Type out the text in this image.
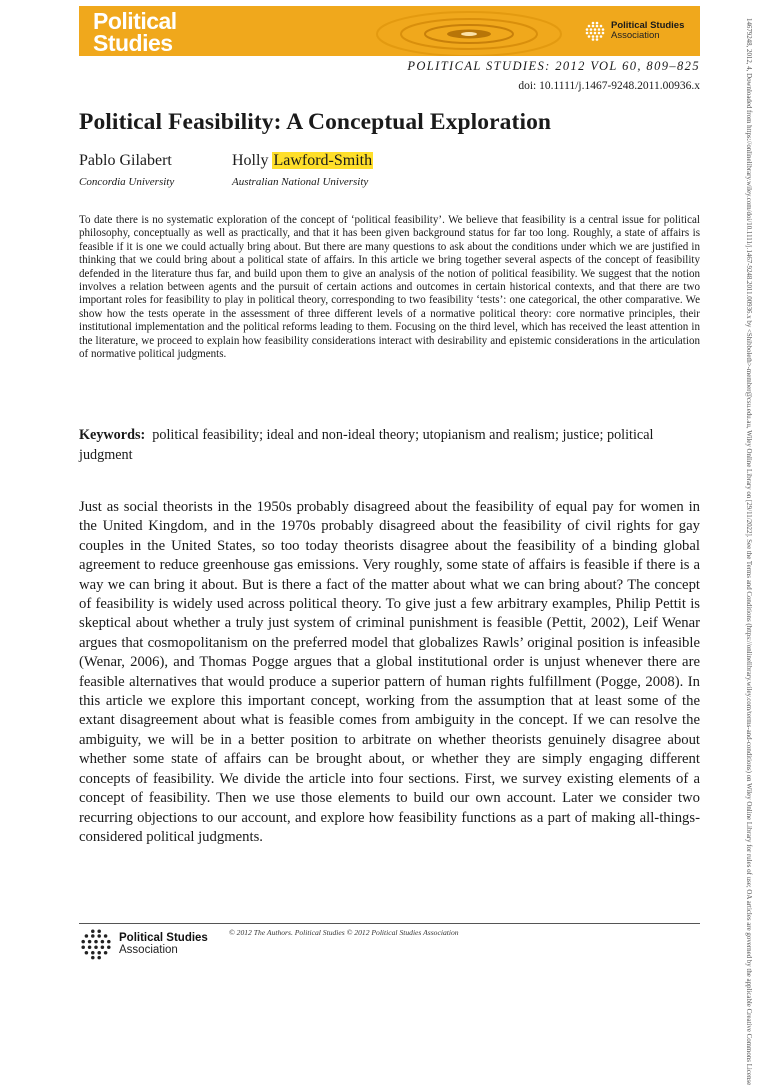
Political
Studies
Political Studies
Association
POLITICAL STUDIES: 2012 VOL 60, 809–825
doi: 10.1111/j.1467-9248.2011.00936.x
Political Feasibility: A Conceptual Exploration
Pablo Gilabert
Concordia University
Holly Lawford-Smith
Australian National University

To date there is no systematic exploration of the concept of ‘political feasibility’. We believe that feasibility is a central issue for political philosophy, conceptually as well as practically, and that it has been given background status for far too long. Roughly, a state of affairs is feasible if it is one we could actually bring about. But there are many questions to ask about the conditions under which we are justified in thinking that we could bring about a political state of affairs. In this article we bring together several aspects of the concept of feasibility defended in the literature thus far, and build upon them to give an analysis of the notion of political feasibility. We suggest that the notion involves a relation between agents and the pursuit of certain actions and outcomes in certain historical contexts, and that there are two important roles for feasibility to play in political theory, corresponding to two feasibility ‘tests’: one categorical, the other comparative. We show how the tests operate in the assessment of three different levels of a normative political theory: core normative principles, their institutional implementation and the political reforms leading to them. Focusing on the third level, which has received the least attention in the literature, we proceed to explain how feasibility considerations interact with desirability and epistemic considerations in the articulation of normative political judgments.

Keywords: political feasibility; ideal and non-ideal theory; utopianism and realism; justice; political judgment

Just as social theorists in the 1950s probably disagreed about the feasibility of equal pay for women in the United Kingdom, and in the 1970s probably disagreed about the feasibility of civil rights for gay couples in the United States, so too today theorists disagree about the feasibility of a binding global agreement to reduce greenhouse gas emissions. Very roughly, some state of affairs is feasible if there is a way we can bring it about. But is there a fact of the matter about what we can bring about? The concept of feasibility is widely used across political theory. To give just a few arbitrary examples, Philip Pettit is skeptical about whether a truly just system of criminal punishment is feasible (Pettit, 2002), Leif Wenar argues that cosmopolitanism on the preferred model that globalizes Rawls’ original position is infeasible (Wenar, 2006), and Thomas Pogge argues that a global institutional order is unjust whenever there are feasible alternatives that would produce a superior pattern of human rights fulfillment (Pogge, 2008). In this article we explore this important concept, working from the assumption that at least some of the extant disagreement about what is feasible comes from ambiguity in the concept. If we can resolve the ambiguity, we will be in a better position to arbitrate on whether theorists genuinely disagree about whether some state of affairs can be brought about, or whether they are simply engaging different concepts of feasibility. We divide the article into four sections. First, we survey existing elements of a concept of feasibility. Then we use those elements to build our own account. Later we consider two recurring objections to our account, and explore how feasibility functions as a part of making all-things-considered political judgments.

Political Studies
Association
© 2012 The Authors. Political Studies © 2012 Political Studies Association	14679248, 2012, 4, Downloaded from https://onlinelibrary.wiley.com/doi/10.1111/j.1467-9248.2011.00936.x by <Shibboleth>-member@csu.edu.au, Wiley Online Library on [29/11/2022]. See the Terms and Conditions (https://onlinelibrary.wiley.com/terms-and-conditions) on Wiley Online Library for rules of use; OA articles are governed by the applicable Creative Commons License
